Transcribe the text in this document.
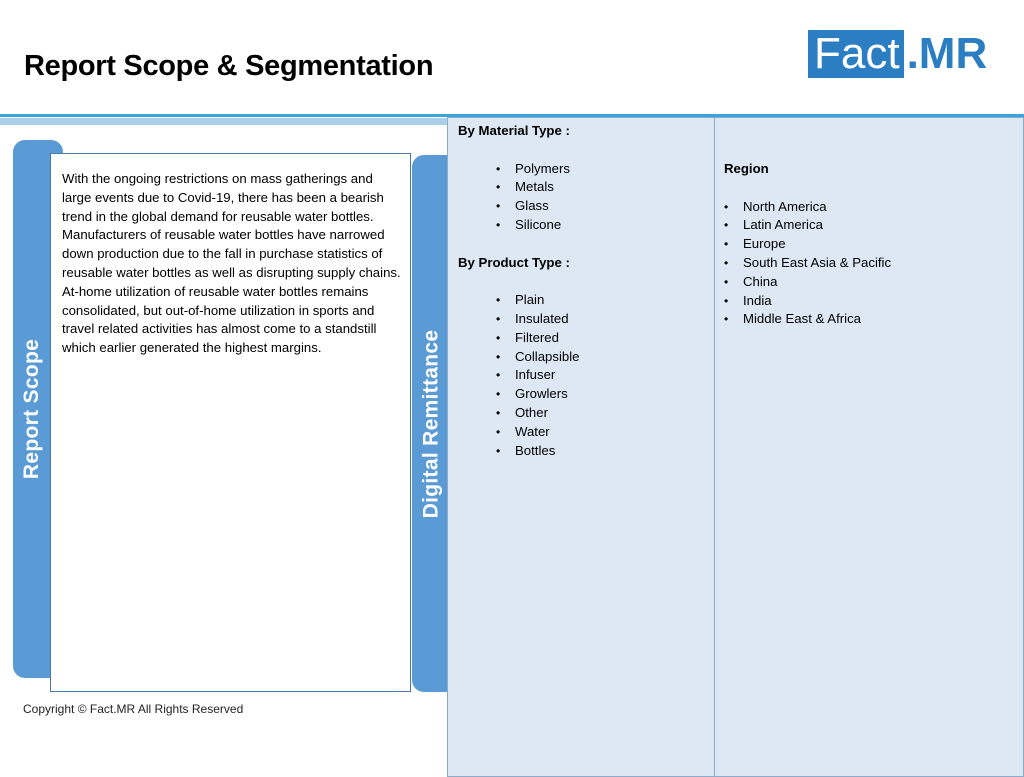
Report Scope & Segmentation	Fact .MR
Report Scope
With the ongoing restrictions on mass gatherings and large events due to Covid-19, there has been a bearish trend in the global demand for reusable water bottles. Manufacturers of reusable water bottles have narrowed down production due to the fall in purchase statistics of reusable water bottles as well as disrupting supply chains. At-home utilization of reusable water bottles remains consolidated, but out-of-home utilization in sports and travel related activities has almost come to a standstill which earlier generated the highest margins.	Digital Remittance
By Material Type :
• Polymers
• Metals
• Glass
• Silicone
By Product Type :
• Plain
• Insulated
• Filtered
• Collapsible
• Infuser
• Growlers
• Other
• Water
• Bottles
Region
• North America
• Latin America
• Europe
• South East Asia & Pacific
• China
• India
• Middle East & Africa
Copyright © Fact.MR All Rights Reserved
